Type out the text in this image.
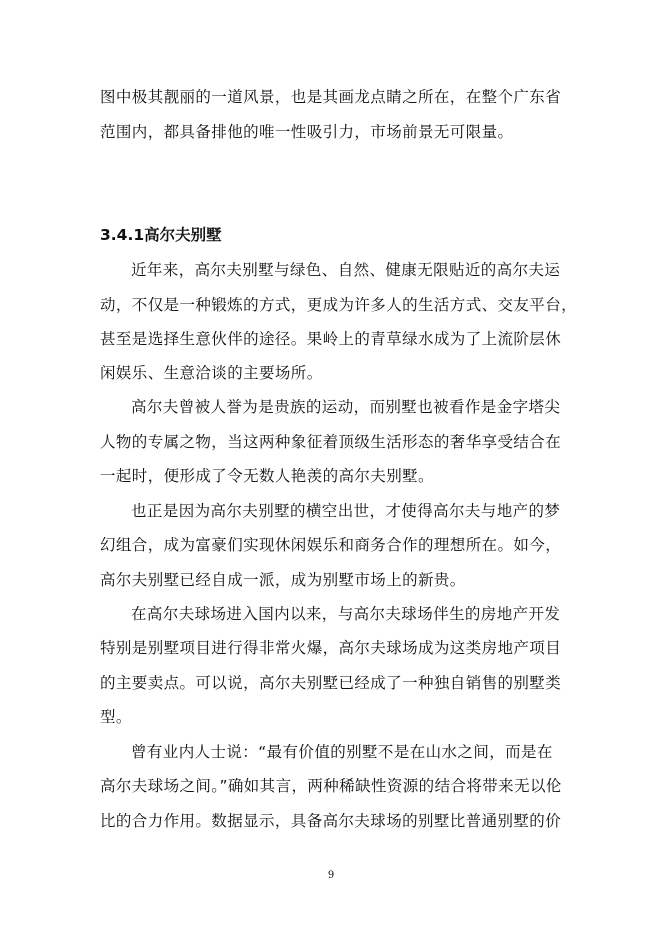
图中极其靓丽的一道风景，也是其画龙点睛之所在，在整个广东省
范围内，都具备排他的唯一性吸引力，市场前景无可限量。
3.4.1高尔夫别墅
近年来，高尔夫别墅与绿色、自然、健康无限贴近的高尔夫运
动，不仅是一种锻炼的方式，更成为许多人的生活方式、交友平台，
甚至是选择生意伙伴的途径。果岭上的青草绿水成为了上流阶层休
闲娱乐、生意洽谈的主要场所。
高尔夫曾被人誉为是贵族的运动，而别墅也被看作是金字塔尖
人物的专属之物，当这两种象征着顶级生活形态的奢华享受结合在
一起时，便形成了令无数人艳羡的高尔夫别墅。
也正是因为高尔夫别墅的横空出世，才使得高尔夫与地产的梦
幻组合，成为富豪们实现休闲娱乐和商务合作的理想所在。如今，
高尔夫别墅已经自成一派，成为别墅市场上的新贵。
在高尔夫球场进入国内以来，与高尔夫球场伴生的房地产开发
特别是别墅项目进行得非常火爆，高尔夫球场成为这类房地产项目
的主要卖点。可以说，高尔夫别墅已经成了一种独自销售的别墅类
型。
曾有业内人士说：“最有价值的别墅不是在山水之间，而是在
高尔夫球场之间。”确如其言，两种稀缺性资源的结合将带来无以伦
比的合力作用。数据显示，具备高尔夫球场的别墅比普通别墅的价
9
